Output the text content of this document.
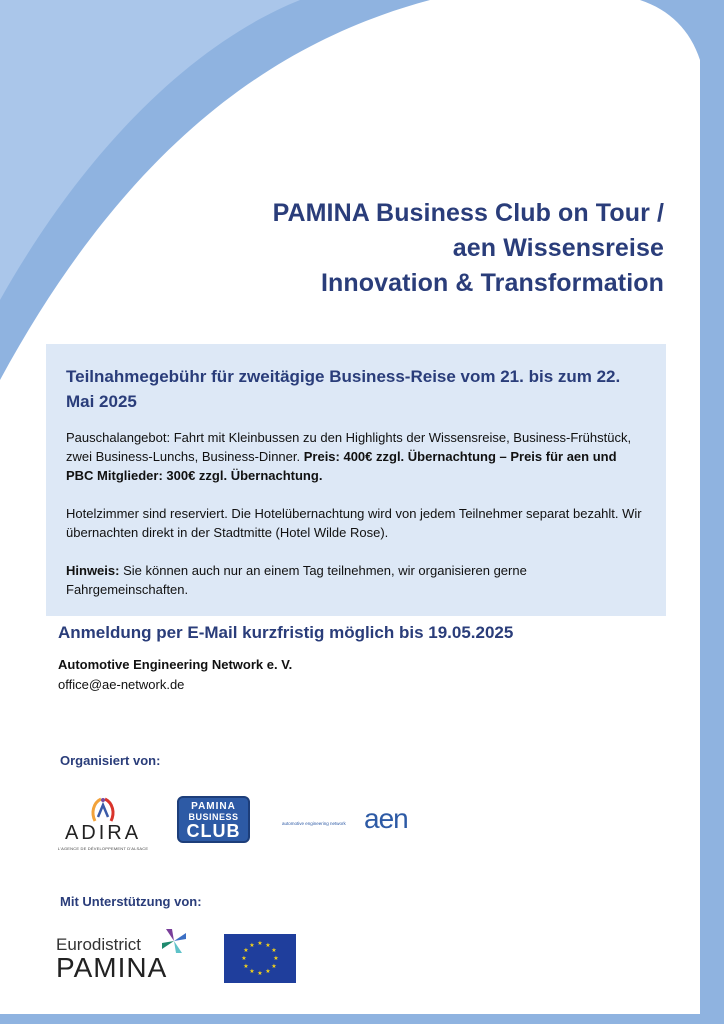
PAMINA Business Club on Tour /
aen Wissensreise
Innovation & Transformation
Teilnahmegebühr für zweitägige Business-Reise vom 21. bis zum 22. Mai 2025
Pauschalangebot: Fahrt mit Kleinbussen zu den Highlights der Wissensreise, Business-Frühstück, zwei Business-Lunchs, Business-Dinner. Preis: 400€ zzgl. Übernachtung – Preis für aen und PBC Mitglieder: 300€ zzgl. Übernachtung.
Hotelzimmer sind reserviert. Die Hotelübernachtung wird von jedem Teilnehmer separat bezahlt. Wir übernachten direkt in der Stadtmitte (Hotel Wilde Rose).
Hinweis: Sie können auch nur an einem Tag teilnehmen, wir organisieren gerne Fahrgemeinschaften.
Anmeldung per E-Mail kurzfristig möglich bis 19.05.2025
Automotive Engineering Network e. V.
office@ae-network.de
Organisiert von:
ADIRA
L'AGENCE DE DÉVELOPPEMENT D'ALSACE
PAMINA
BUSINESS
CLUB	automotive engineering network aen
Mit Unterstützung von:
Eurodistrict
PAMINA
★ ★
★
★
★
★
★
★
★
★
★
★
